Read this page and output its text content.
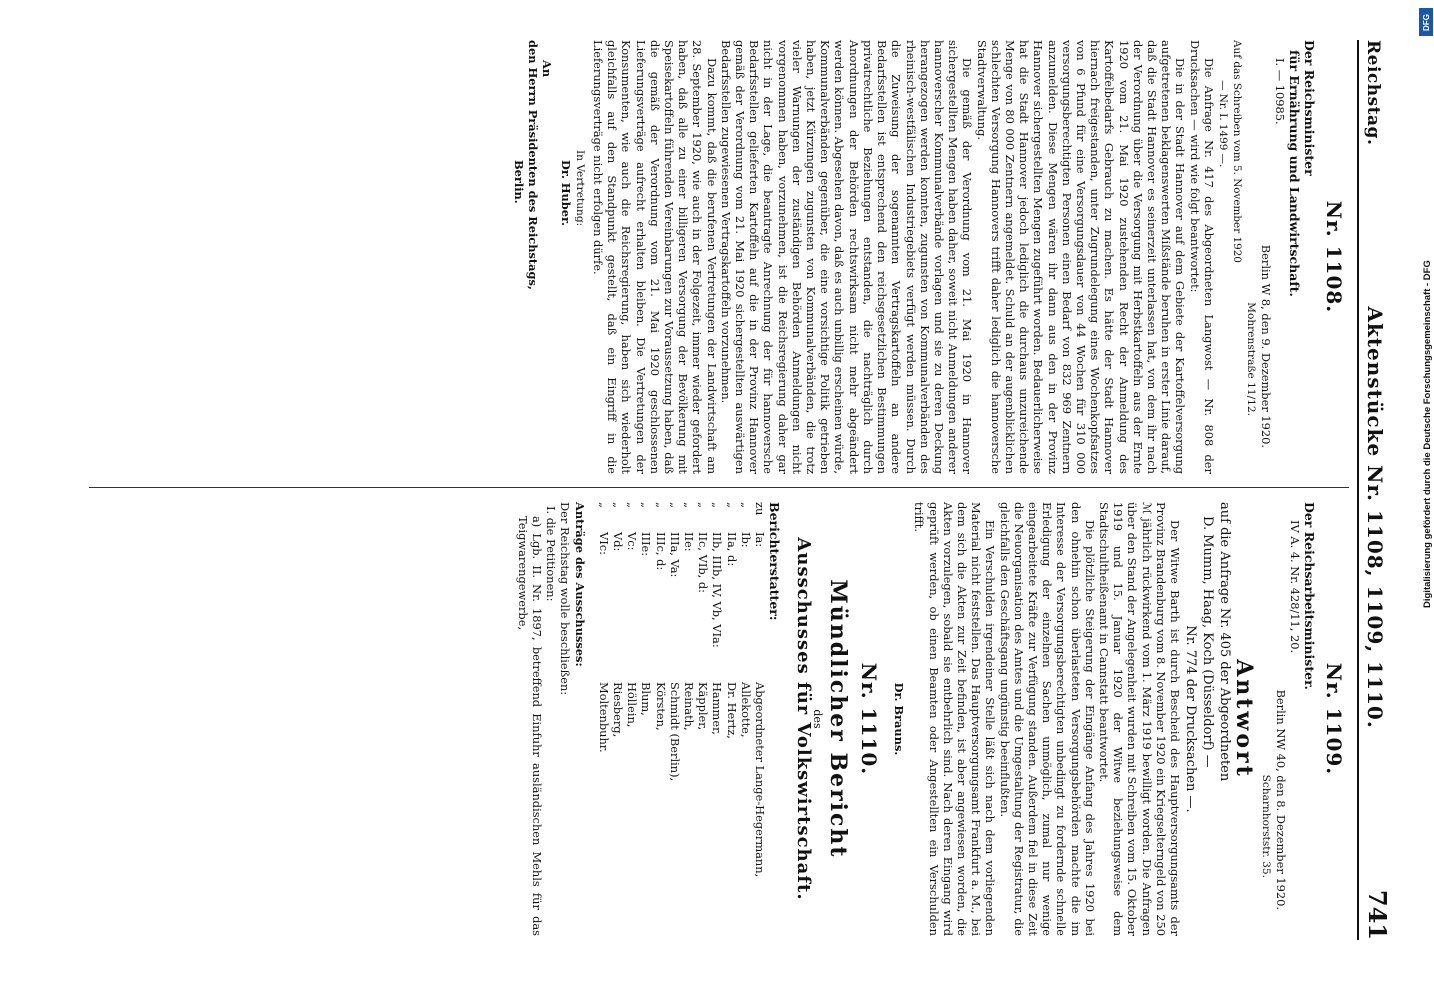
Reichstag.
Aktenstücke Nr. 1108, 1109, 1110.
741
Nr. 1108.
Der Reichsminister
für Ernährung und Landwirtschaft.
I. — 10985.
Berlin W 8, den 9. Dezember 1920.
Mohrenstraße 11/12.
Auf das Schreiben vom 5. November 1920
— Nr. I. 1499 —.
Die Anfrage Nr. 417 des Abgeordneten Langwost — Nr. 808 der Drucksachen — wird wie folgt beantwortet:
Die in der Stadt Hannover auf dem Gebiete der Kartoffelversorgung aufgetretenen beklagenswerten Mißstände beruhen in erster Linie darauf, daß die Stadt Hannover es seinerzeit unterlassen hat, von dem ihr nach der Verordnung über die Versorgung mit Herbstkartoffeln aus der Ernte 1920 vom 21. Mai 1920 zustehenden Recht der Anmeldung des Kartoffelbedarfs Gebrauch zu machen. Es hätte der Stadt Hannover hiernach freigestanden, unter Zugrundelegung eines Wochenkopfsatzes von 6 Pfund für eine Versorgungsdauer von 44 Wochen für 310 000 versorgungsberechtigten Personen einen Bedarf von 832 969 Zentnern anzumelden. Diese Mengen wären ihr dann aus den in der Provinz Hannover sichergestellten Mengen zugeführt worden. Bedauerlicherweise hat die Stadt Hannover jedoch lediglich die durchaus unzureichende Menge von 80 000 Zentnern angemeldet. Schuld an der augenblicklichen schlechten Versorgung Hannovers trifft daher lediglich die hannoversche Stadtverwaltung.
Die gemäß der Verordnung vom 21. Mai 1920 in Hannover sichergestellten Mengen haben daher, soweit nicht Anmeldungen anderer hannoverscher Kommunalverbände vorlagen und sie zu deren Deckung herangezogen werden konnten, zugunsten von Kommunalverbänden des rheinisch-westfälischen Industriegebiets verfügt werden müssen. Durch die Zuweisung der sogenannten Vertragskartoffeln an andere Bedarfsstellen ist entsprechend den reichsgesetzlichen Bestimmungen privatrechtliche Beziehungen entstanden, die nachträglich durch Anordnungen der Behörden rechtswirksam nicht mehr abgeändert werden können. Abgesehen davon, daß es auch unbillig erscheinen würde, Kommunalverbänden gegenüber, die eine vorsichtige Politik getrieben haben, jetzt Kürzungen zugunsten von Kommunalverbänden, die trotz vieler Warnungen der zuständigen Behörden Anmeldungen nicht vorgenommen haben, vorzunehmen, ist die Reichsregierung daher gar nicht in der Lage, die beantragte Anrechnung der für hannoversche Bedarfsstellen gelieferten Kartoffeln auf die in der Provinz Hannover gemäß der Verordnung vom 21. Mai 1920 sichergestellten auswärtigen Bedarfsstellen zugewiesenen Vertragskartoffeln vorzunehmen.
Dazu kommt, daß die berufenen Vertretungen der Landwirtschaft am 28. September 1920, wie auch in der Folgezeit, immer wieder gefordert haben, daß alle zu einer billigeren Versorgung der Bevölkerung mit Speisekartoffeln führenden Vereinbarungen zur Voraussetzung haben, daß die gemäß der Verordnung vom 21. Mai 1920 geschlossenen Lieferungsverträge aufrecht erhalten bleiben. Die Vertretungen der Konsumenten, wie auch die Reichsregierung, haben sich wiederholt gleichfalls auf den Standpunkt gestellt, daß ein Eingriff in die Lieferungsverträge nicht erfolgen dürfe.
In Vertretung:
Dr. Huber.
An
den Herrn Präsidenten des Reichstags,
Berlin.
Nr. 1109.
Der Reichsarbeitsminister.
IV A. 4. Nr. 428/11, 20.
Berlin NW 40, den 8. Dezember 1920.
Scharnhorststr. 35.
Antwort
auf die Anfrage Nr. 405 der Abgeordneten
D. Mumm, Haag, Koch (Düsseldorf) —
Nr. 774 der Drucksachen —.
Der Witwe Barth ist durch Bescheid des Hauptversorgungsamts der Provinz Brandenburg vom 8. November 1920 ein Kriegselterngeld von 250 ℳ jährlich rückwirkend vom 1. März 1919 bewilligt worden. Die Anfragen über den Stand der Angelegenheit wurden mit Schreiben vom 15. Oktober 1919 und 15. Januar 1920 der Witwe beziehungsweise dem Stadtschultheißenamt in Cannstatt beantwortet.
Die plötzliche Steigerung der Eingänge Anfang des Jahres 1920 bei den ohnehin schon überlasteten Versorgungsbehörden machte die im Interesse der Versorgungsberechtigten unbedingt zu fordernde schnelle Erledigung der einzelnen Sachen unmöglich, zumal nur wenige eingearbeitete Kräfte zur Verfügung standen. Außerdem fiel in diese Zeit die Neuorganisation des Amtes und die Umgestaltung der Registratur, die gleichfalls den Geschäftsgang ungünstig beeinflußten.
Ein Verschulden irgendeiner Stelle läßt sich nach dem vorliegenden Material nicht feststellen. Das Hauptversorgungsamt Frankfurt a. M., bei dem sich die Akten zur Zeit befinden, ist aber angewiesen worden, die Akten vorzulegen, sobald sie entbehrlich sind. Nach deren Eingang wird geprüft werden, ob einen Beamten oder Angestellten ein Verschulden trifft.
Dr. Brauns.
Nr. 1110.
Mündlicher Bericht
des
Ausschusses für Volkswirtschaft.
Berichterstatter:
zu	Ia:	Abgeordneter Lange-Hegermann,
„	Ib:	Allekotte,
„	IIa, d:	Dr. Hertz,
„	IIb, IIIb, IV, Vb, VIa:	Hammer,
„	IIc, VIb, d:	Käppler,
„	IIe:	Reinath,
„	IIIa, Va:	Schmidt (Berlin),
„	IIIc, d:	Körsten,
„	IIIe:	Blum,
„	Vc:	Höllein,
„	Vd:	Riesberg,
„	VIc:	Moltenbuhr.
Anträge des Ausschusses:
Der Reichstag wolle beschließen:
I. die Petitionen:
a) Lgb. II. Nr. 1897, betreffend Einfuhr ausländischen Mehls für das Teigwarengewerbe,
DFG
Digitalisierung gefördert durch die Deutsche Forschungsgemeinschaft - DFG
